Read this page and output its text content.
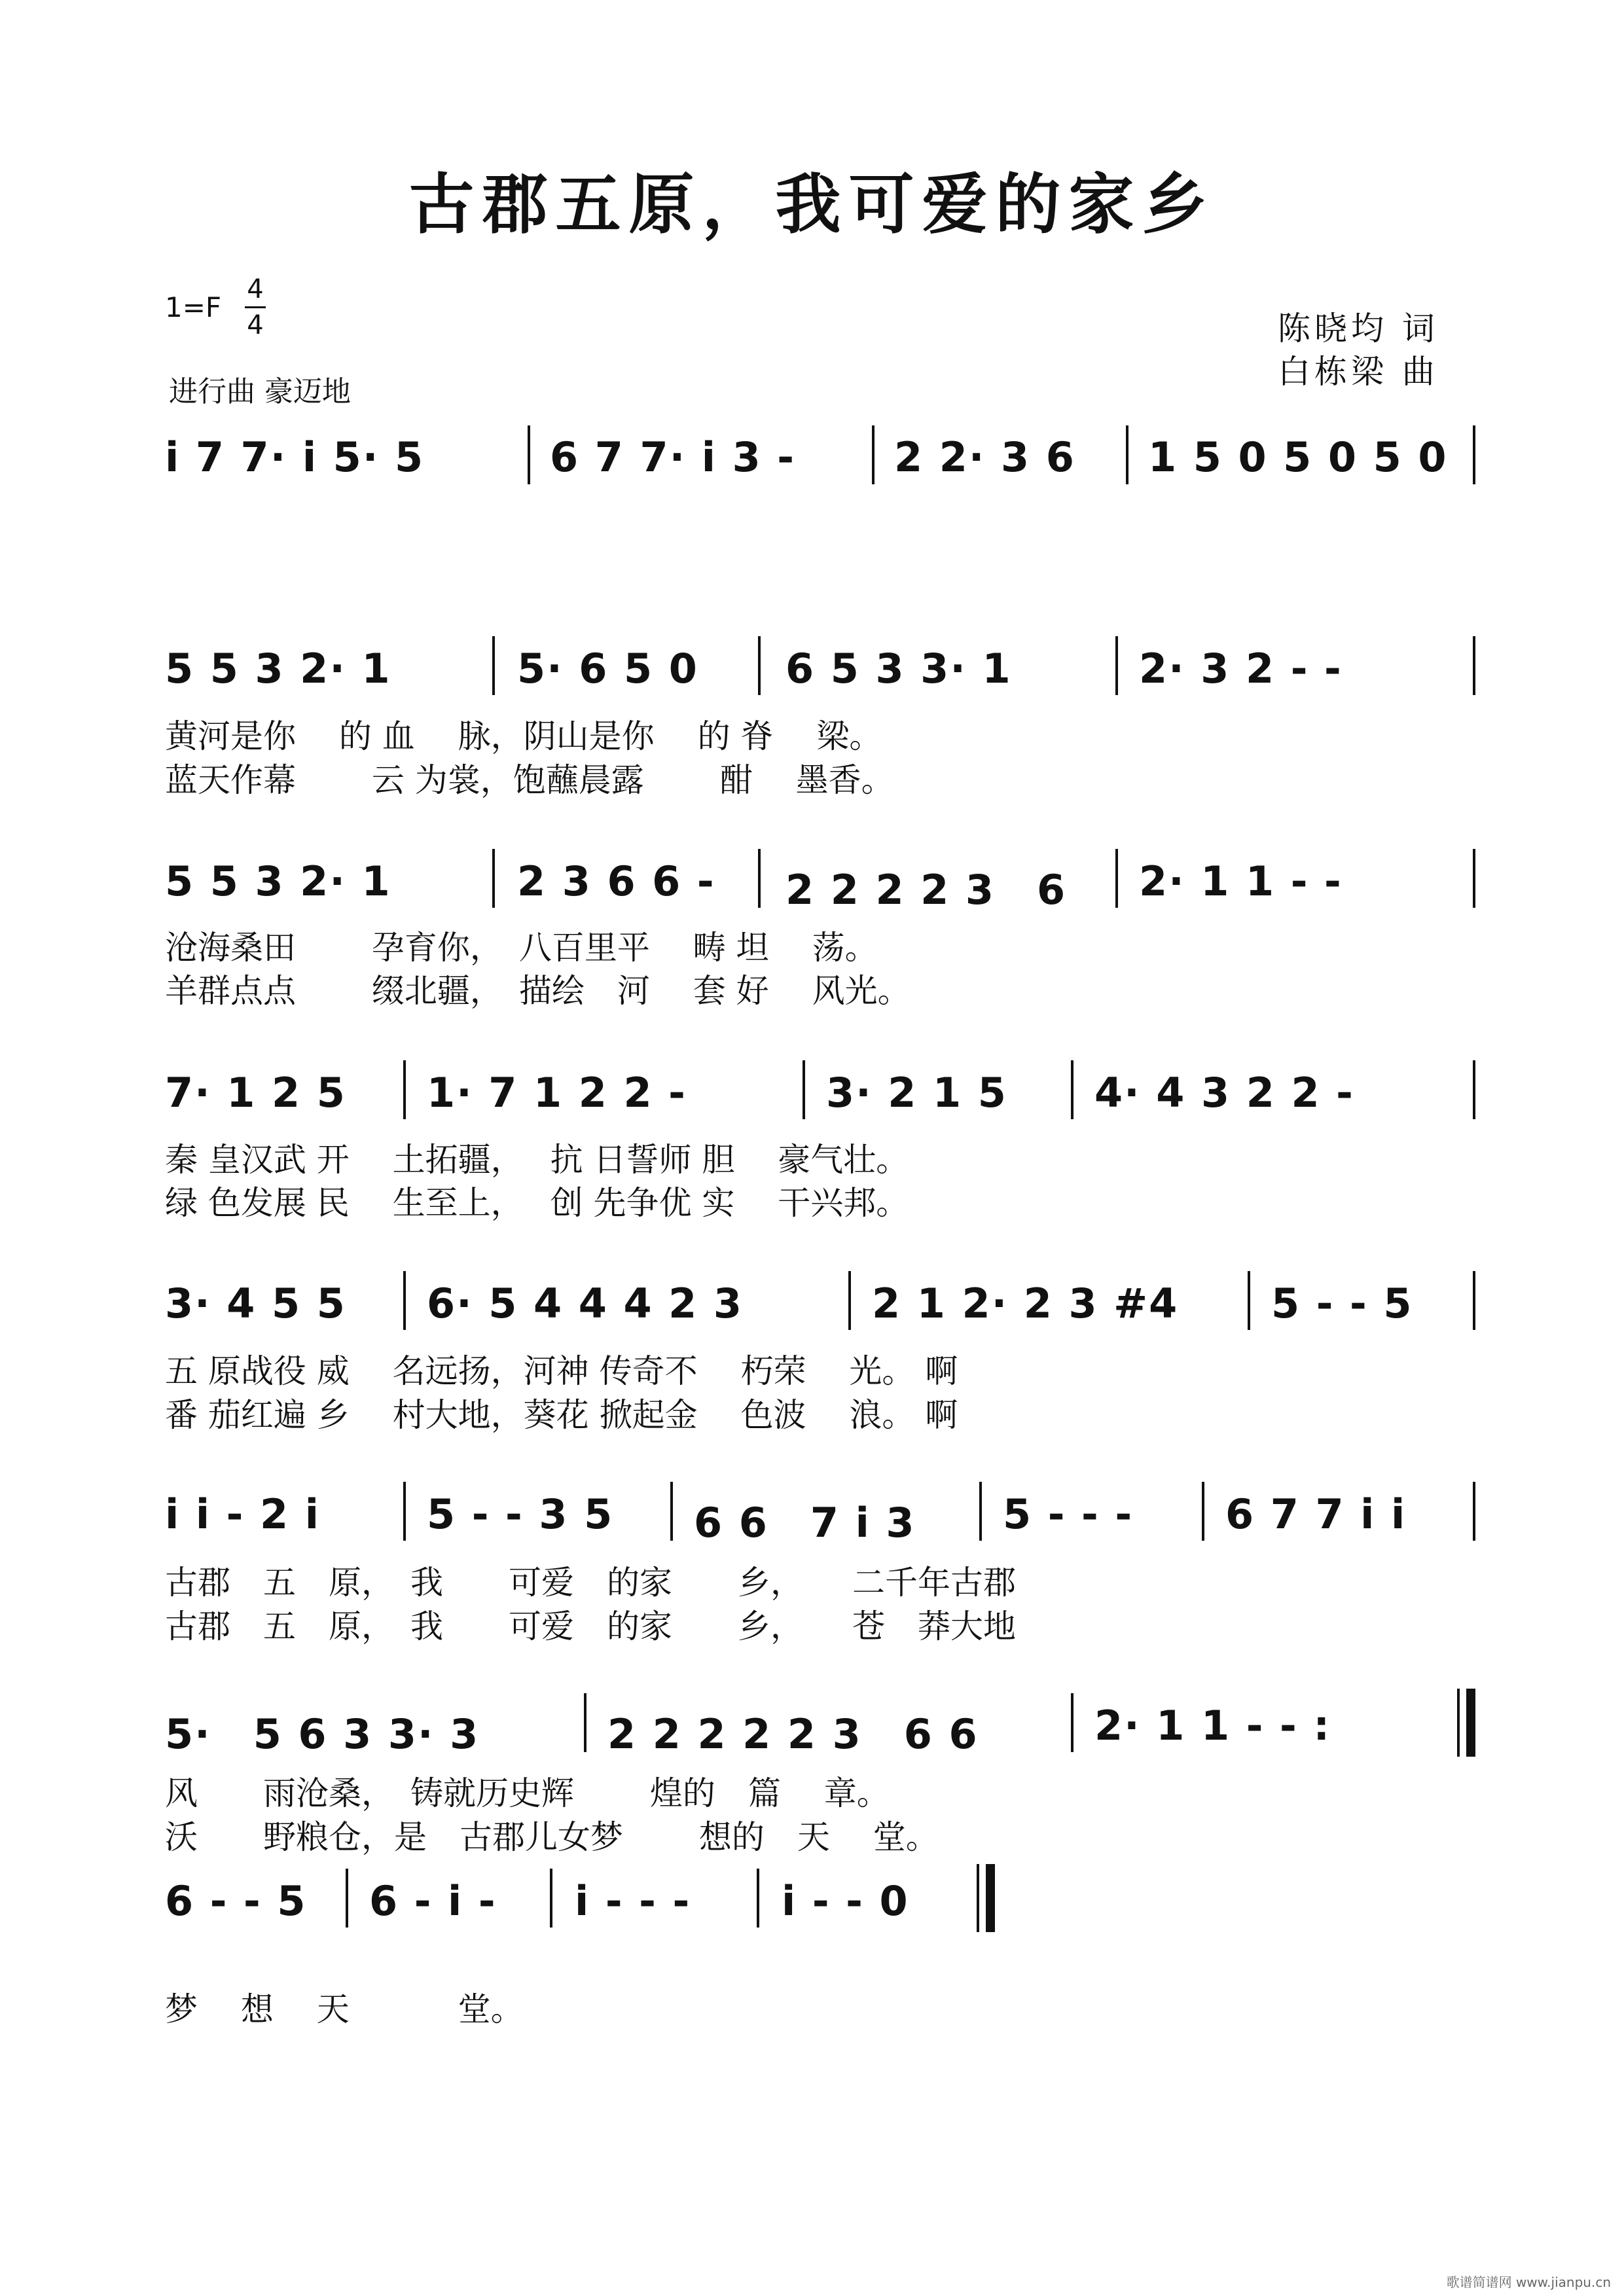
古郡五原，我可爱的家乡
1=F
4
4
进行曲 豪迈地
陈晓均 词
白栋梁 曲
i 7 7· i 5· 5	6 7 7· i 3 - 2 2· 3 6 1 5 0 5 0 5 0
5 5 3 2· 1	5· 6 5 0 6 5 3 3· 1	2· 3 2 - -
黄河是你　 的 血　 脉，阴山是你　 的 脊　 梁。
蓝天作幕　　 云 为裳，饱蘸晨露　　 酣　 墨香。
5 5 3 2· 1	2 3 6 6 - 2 2 2 2 3　6 2· 1 1 - -
沧海桑田　　 孕育你，　八百里平　 畴 坦　 荡。
羊群点点　　 缀北疆，　描绘　河　 套 好　 风光。
7· 1 2 5 1· 7 1 2 2 -	3· 2 1 5 4· 4 3 2 2 -
秦 皇汉武 开　 土拓疆，　 抗 日誓师 胆　 豪气壮。
绿 色发展 民　 生至上，　 创 先争优 实　 干兴邦。
3· 4 5 5 6· 5 4 4 4 2 3	2 1 2· 2 3 #4 5 - - 5
五 原战役 威　 名远扬，河神 传奇不　 朽荣　 光。 啊
番 茄红遍 乡　 村大地，葵花 掀起金　 色波　 浪。 啊
i i - 2 i	5 - - 3 5 6 6　7 i 3 5 - - - 6 7 7 i i
古郡　五　原，　我　　可爱　的家　　乡，　　二千年古郡
古郡　五　原，　我　　可爱　的家　　乡，　　苍　莽大地
5·　5 6 3 3· 3	2 2 2 2 2 3　6 6	2· 1 1 - - :
风　　雨沧桑，　铸就历史辉　　 煌的　篇　 章。
沃　　野粮仓，是　古郡儿女梦　　 想的　天　 堂。
6 - - 5 6 - i - i - - - i - - 0
梦　 想　 天　　　 堂。
歌谱简谱网 www.jianpu.cn
